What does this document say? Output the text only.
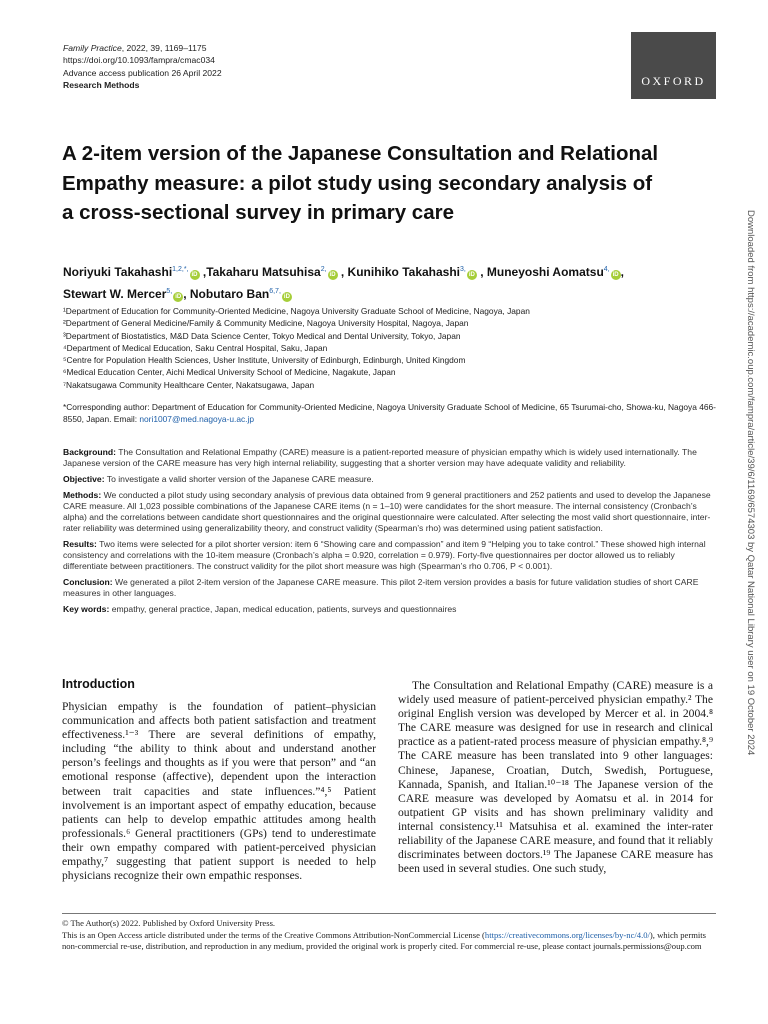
Family Practice, 2022, 39, 1169–1175
https://doi.org/10.1093/fampra/cmac034
Advance access publication 26 April 2022
Research Methods	OXFORD
A 2-item version of the Japanese Consultation and Relational Empathy measure: a pilot study using secondary analysis of a cross-sectional survey in primary care
Noriyuki Takahashi$^{1,2,*,}$iD ,Takaharu Matsuhisa$^{2,}$iD , Kunihiko Takahashi$^{3,}$iD , Muneyoshi Aomatsu$^{4,}$iD ,
Stewart W. Mercer$^{5,}$iD , Nobutaro Ban$^{6,7,}$iD
¹Department of Education for Community-Oriented Medicine, Nagoya University Graduate School of Medicine, Nagoya, Japan
²Department of General Medicine/Family & Community Medicine, Nagoya University Hospital, Nagoya, Japan
³Department of Biostatistics, M&D Data Science Center, Tokyo Medical and Dental University, Tokyo, Japan
⁴Department of Medical Education, Saku Central Hospital, Saku, Japan
⁵Centre for Population Health Sciences, Usher Institute, University of Edinburgh, Edinburgh, United Kingdom
⁶Medical Education Center, Aichi Medical University School of Medicine, Nagakute, Japan
⁷Nakatsugawa Community Healthcare Center, Nakatsugawa, Japan
*Corresponding author: Department of Education for Community-Oriented Medicine, Nagoya University Graduate School of Medicine, 65 Tsurumai-cho, Showa-ku, Nagoya 466-8550, Japan. Email: nori1007@med.nagoya-u.ac.jp

Background: The Consultation and Relational Empathy (CARE) measure is a patient-reported measure of physician empathy which is widely used internationally. The Japanese version of the CARE measure has very high internal reliability, suggesting that a shorter version may have adequate validity and reliability.

Objective: To investigate a valid shorter version of the Japanese CARE measure.

Methods: We conducted a pilot study using secondary analysis of previous data obtained from 9 general practitioners and 252 patients and used to develop the Japanese CARE measure. All 1,023 possible combinations of the Japanese CARE items (n = 1–10) were candidates for the short measure. The internal consistency (Cronbach’s alpha) and the correlations between candidate short questionnaires and the original questionnaire were calculated. After selecting the most valid short questionnaire, inter-rater reliability was determined using generalizability theory, and construct validity (Spearman’s rho) was determined using patient satisfaction.

Results: Two items were selected for a pilot shorter version: item 6 “Showing care and compassion” and item 9 “Helping you to take control.” These showed high internal consistency and correlations with the 10-item measure (Cronbach’s alpha = 0.920, correlation = 0.979). Forty-five questionnaires per doctor allowed us to reliably differentiate between practitioners. The construct validity for the pilot short measure was high (Spearman’s rho 0.706, P < 0.001).

Conclusion: We generated a pilot 2-item version of the Japanese CARE measure. This pilot 2-item version provides a basis for future validation studies of short CARE measures in other languages.

Key words: empathy, general practice, Japan, medical education, patients, surveys and questionnaires

Introduction
Physician empathy is the foundation of patient–physician communication and affects both patient satisfaction and treatment effectiveness.¹⁻³ There are several definitions of empathy, including “the ability to think about and understand another person’s feelings and thoughts as if you were that person” and “an emotional response (affective), dependent upon the interaction between trait capacities and state influences.”⁴,⁵ Patient involvement is an important aspect of empathy education, because patients can help to develop empathic attitudes among health professionals.⁶ General practitioners (GPs) tend to underestimate their own empathy compared with patient-perceived physician empathy,⁷ suggesting that patient support is needed to help physicians recognize their own empathic responses.
The Consultation and Relational Empathy (CARE) measure is a widely used measure of patient-perceived physician empathy.² The original English version was developed by Mercer et al. in 2004.⁸ The CARE measure was designed for use in research and clinical practice as a patient-rated process measure of physician empathy.⁸,⁹ The CARE measure has been translated into 9 other languages: Chinese, Japanese, Croatian, Dutch, Swedish, Portuguese, Kannada, Spanish, and Italian.¹⁰⁻¹⁸ The Japanese version of the CARE measure was developed by Aomatsu et al. in 2014 for outpatient GP visits and has shown preliminary validity and internal consistency.¹¹ Matsuhisa et al. examined the inter-rater reliability of the Japanese CARE measure, and found that it reliably discriminates between doctors.¹⁹ The Japanese CARE measure has been used in several studies. One such study,
© The Author(s) 2022. Published by Oxford University Press.
This is an Open Access article distributed under the terms of the Creative Commons Attribution-NonCommercial License (https://creativecommons.org/licenses/by-nc/4.0/), which permits non-commercial re-use, distribution, and reproduction in any medium, provided the original work is properly cited. For commercial re-use, please contact journals.permissions@oup.com
Downloaded from https://academic.oup.com/fampra/article/39/6/1169/6574303 by Qatar National Library user on 19 October 2024
